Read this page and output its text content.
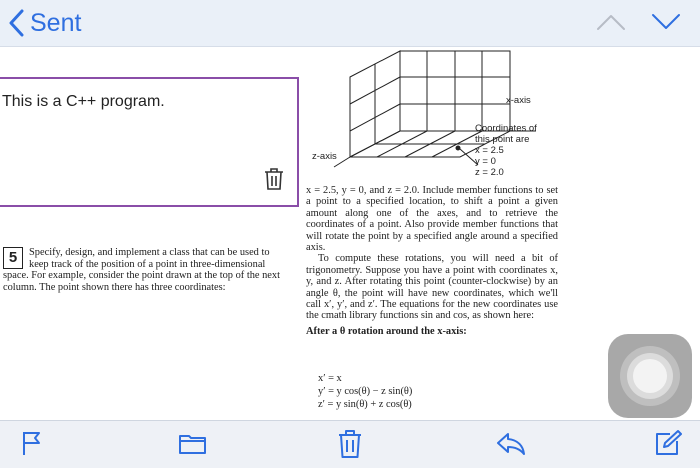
Sent
x-axis
z-axis
Coordinates of
this point are
x = 2.5
y = 0
z = 2.0
This is a C++ program.
5	Specify, design, and implement a class that can be used to keep track of the position of a point in three-dimensional space. For example, consider the point drawn at the top of the next column. The point shown there has three coordinates:

x = 2.5, y = 0, and z = 2.0. Include member functions to set a point to a specified location, to shift a point a given amount along one of the axes, and to retrieve the coordinates of a point. Also provide member functions that will rotate the point by a specified angle around a specified axis.

To compute these rotations, you will need a bit of trigonometry. Suppose you have a point with coordinates x, y, and z. After rotating this point (counter-clockwise) by an angle θ, the point will have new coordinates, which we'll call x′, y′, and z′. The equations for the new coordinates use the cmath library functions sin and cos, as shown here:

After a θ rotation around the x-axis:
x′ = x
y′ = y cos(θ) − z sin(θ)
z′ = y sin(θ) + z cos(θ)
